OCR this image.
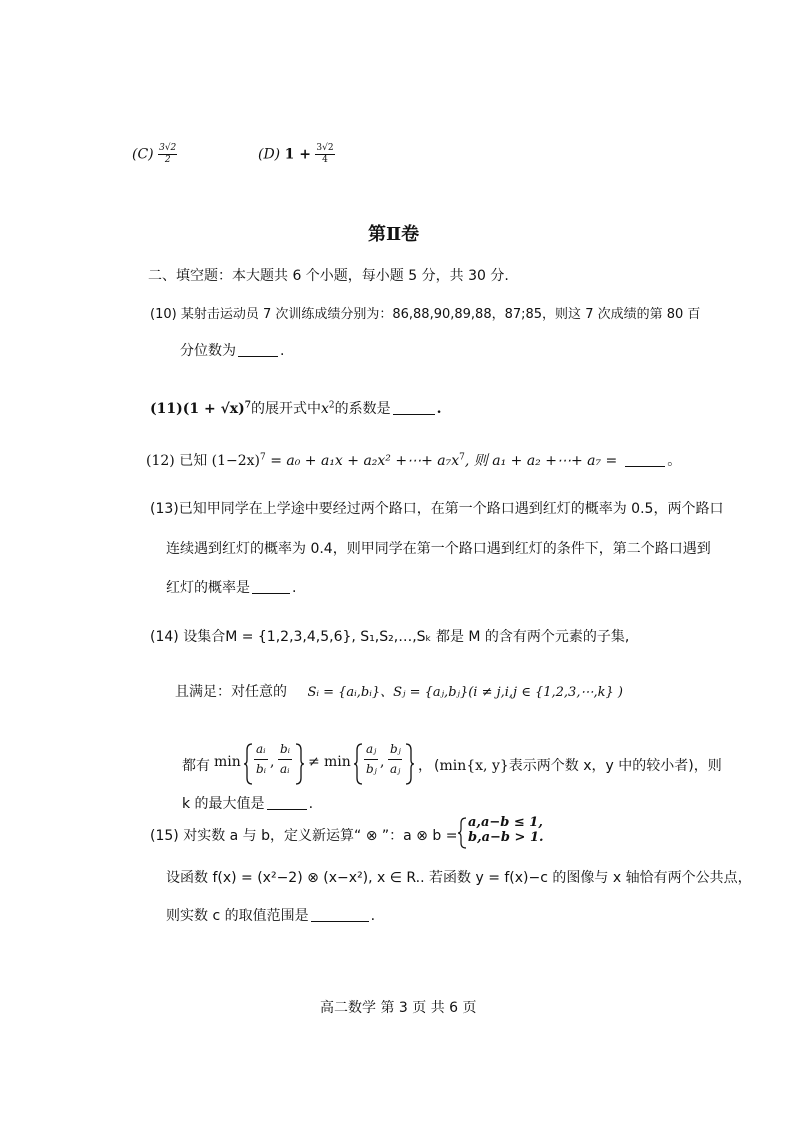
$(C) \frac{3√2}{2}$	(D) $1 + \frac{3√2}{4}$
第Ⅱ卷
二、填空题：本大题共 6 个小题，每小题 5 分，共 30 分.
(10) 某射击运动员 7 次训练成绩分别为：86,88,90,89,88，87;85，则这 7 次成绩的第 80 百
分位数为	.
$(11)(1 + √x)^7$的展开式中$x^2$的系数是	.
(12) 已知 $(1-2x)^7 = a_0 + a_1x + a_2x^2$ +⋯+ $a_7x^7$, 则 a₁ + a₂ +⋯+ a₇ =	。
(13)已知甲同学在上学途中要经过两个路口，在第一个路口遇到红灯的概率为 0.5，两个路口
连续遇到红灯的概率为 0.4，则甲同学在第一个路口遇到红灯的条件下，第二个路口遇到
红灯的概率是	.
(14) 设集合M = {1,2,3,4,5,6}, S₁,S₂,…,Sₖ 都是 M 的含有两个元素的子集,
且满足：对任意的 Sᵢ = {aᵢ,bᵢ}、Sⱼ = {aⱼ,bⱼ}(i ≠ j,i,j ∈ {1,2,3,⋯,k} )
都有 min
aᵢ
bᵢ ,
bᵢ
aᵢ ≠ min
aⱼ
bⱼ ,
bⱼ
aⱼ ， (min{x, y}表示两个数 x，y 中的较小者)，则
k 的最大值是	.
(15) 对实数 a 与 b，定义新运算“ ⊗ ”：a ⊗ b =
a,a−b ≤ 1,
b,a−b > 1.
设函数 f(x) = (x²−2) ⊗ (x−x²), x ∈ R.. 若函数 y = f(x)−c 的图像与 x 轴恰有两个公共点，
则实数 c 的取值范围是	.
高二数学 第 3 页 共 6 页
